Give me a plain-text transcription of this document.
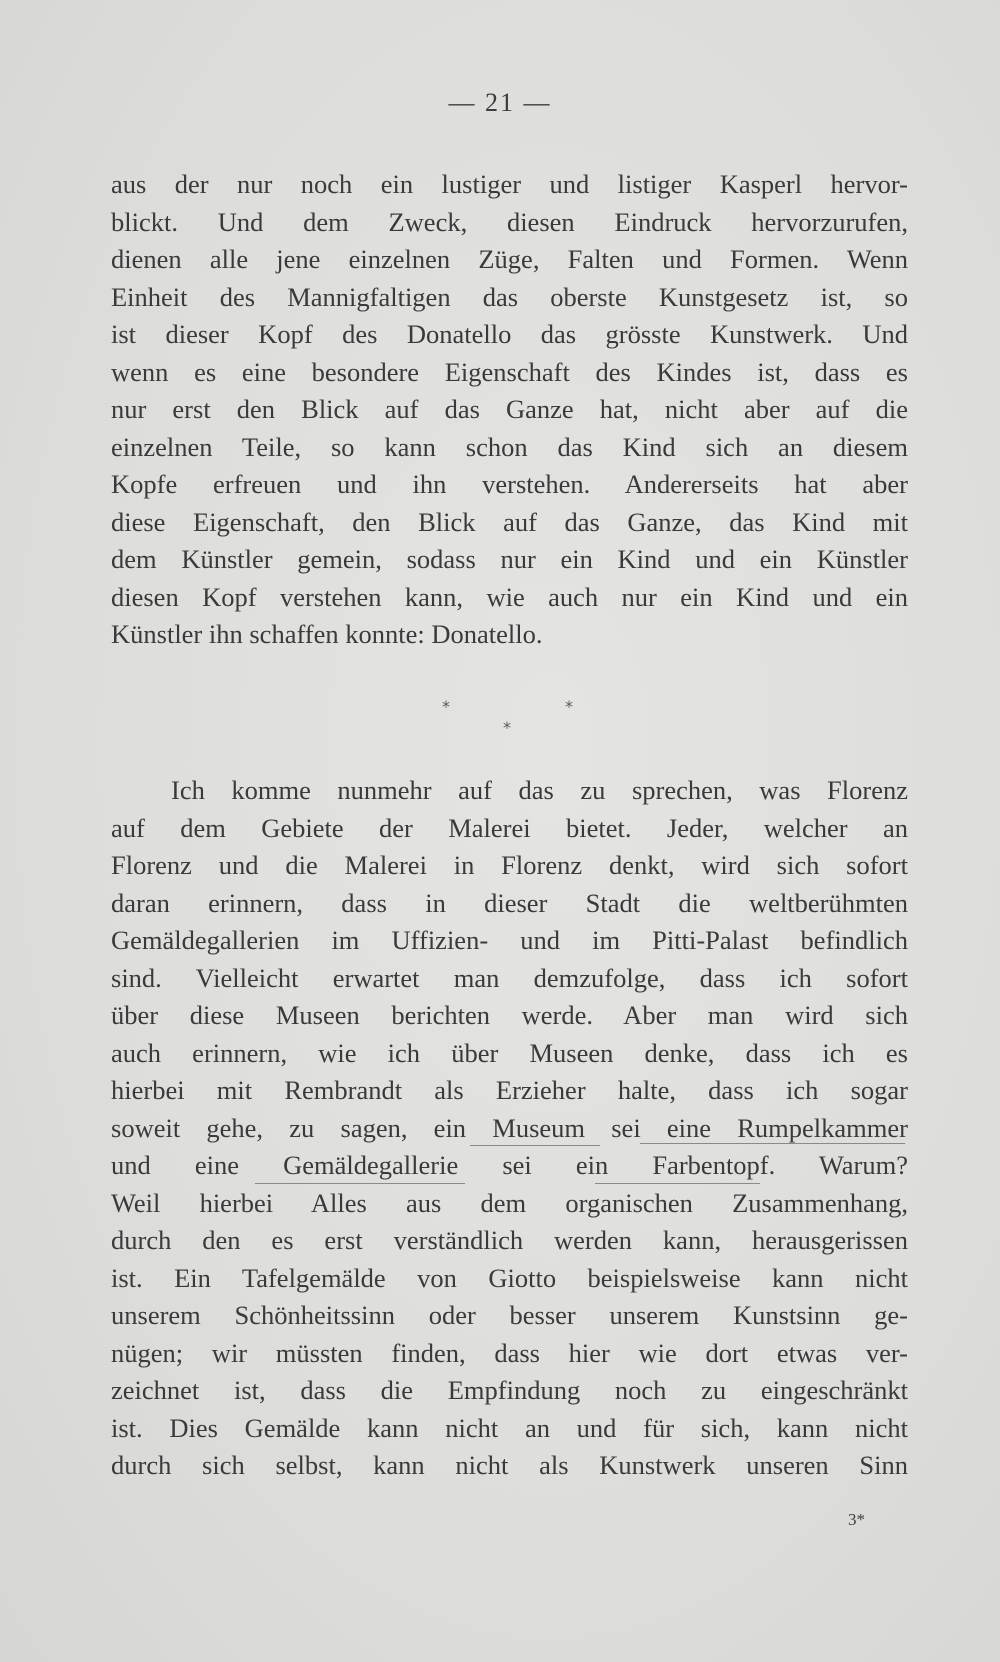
— 21 —
aus der nur noch ein lustiger und listiger Kasperl hervor-
blickt. Und dem Zweck, diesen Eindruck hervorzurufen,
dienen alle jene einzelnen Züge, Falten und Formen. Wenn
Einheit des Mannigfaltigen das oberste Kunstgesetz ist, so
ist dieser Kopf des Donatello das grösste Kunstwerk. Und
wenn es eine besondere Eigenschaft des Kindes ist, dass es
nur erst den Blick auf das Ganze hat, nicht aber auf die
einzelnen Teile, so kann schon das Kind sich an diesem
Kopfe erfreuen und ihn verstehen. Andererseits hat aber
diese Eigenschaft, den Blick auf das Ganze, das Kind mit
dem Künstler gemein, sodass nur ein Kind und ein Künstler
diesen Kopf verstehen kann, wie auch nur ein Kind und ein
Künstler ihn schaffen konnte: Donatello.
*	*
*
Ich komme nunmehr auf das zu sprechen, was Florenz
auf dem Gebiete der Malerei bietet. Jeder, welcher an
Florenz und die Malerei in Florenz denkt, wird sich sofort
daran erinnern, dass in dieser Stadt die weltberühmten
Gemäldegallerien im Uffizien- und im Pitti-Palast befindlich
sind. Vielleicht erwartet man demzufolge, dass ich sofort
über diese Museen berichten werde. Aber man wird sich
auch erinnern, wie ich über Museen denke, dass ich es
hierbei mit Rembrandt als Erzieher halte, dass ich sogar
soweit gehe, zu sagen, ein Museum sei eine Rumpelkammer
und eine Gemäldegallerie sei ein Farbentopf. Warum?
Weil hierbei Alles aus dem organischen Zusammenhang,
durch den es erst verständlich werden kann, herausgerissen
ist. Ein Tafelgemälde von Giotto beispielsweise kann nicht
unserem Schönheitssinn oder besser unserem Kunstsinn ge-
nügen; wir müssten finden, dass hier wie dort etwas ver-
zeichnet ist, dass die Empfindung noch zu eingeschränkt
ist. Dies Gemälde kann nicht an und für sich, kann nicht
durch sich selbst, kann nicht als Kunstwerk unseren Sinn
3*
